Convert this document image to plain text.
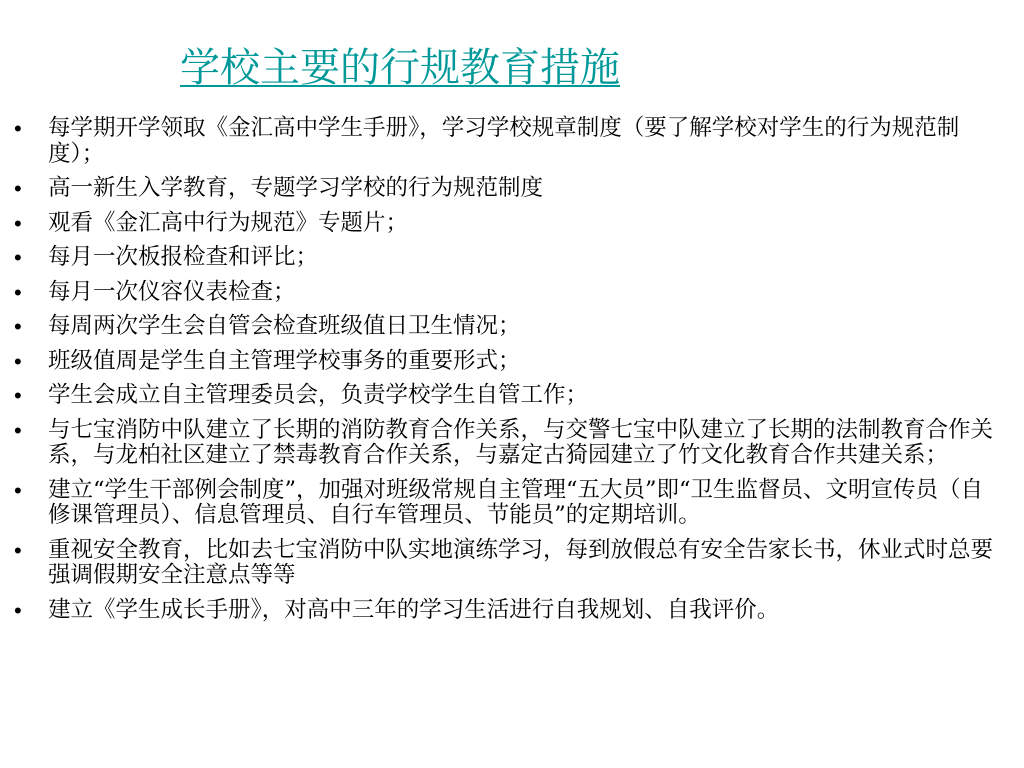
学校主要的行规教育措施
•	每学期开学领取《金汇高中学生手册》，学习学校规章制度（要了解学校对学生的行为规范制度）；
•	高一新生入学教育，专题学习学校的行为规范制度
•	观看《金汇高中行为规范》专题片；
•	每月一次板报检查和评比；
•	每月一次仪容仪表检查；
•	每周两次学生会自管会检查班级值日卫生情况；
•	班级值周是学生自主管理学校事务的重要形式；
•	学生会成立自主管理委员会，负责学校学生自管工作；
•	与七宝消防中队建立了长期的消防教育合作关系，与交警七宝中队建立了长期的法制教育合作关系，与龙柏社区建立了禁毒教育合作关系，与嘉定古猗园建立了竹文化教育合作共建关系；
•	建立“学生干部例会制度”，加强对班级常规自主管理“五大员”即“卫生监督员、文明宣传员（自修课管理员）、信息管理员、自行车管理员、节能员”的定期培训。
•	重视安全教育，比如去七宝消防中队实地演练学习，每到放假总有安全告家长书，休业式时总要强调假期安全注意点等等
•	建立《学生成长手册》，对高中三年的学习生活进行自我规划、自我评价。
